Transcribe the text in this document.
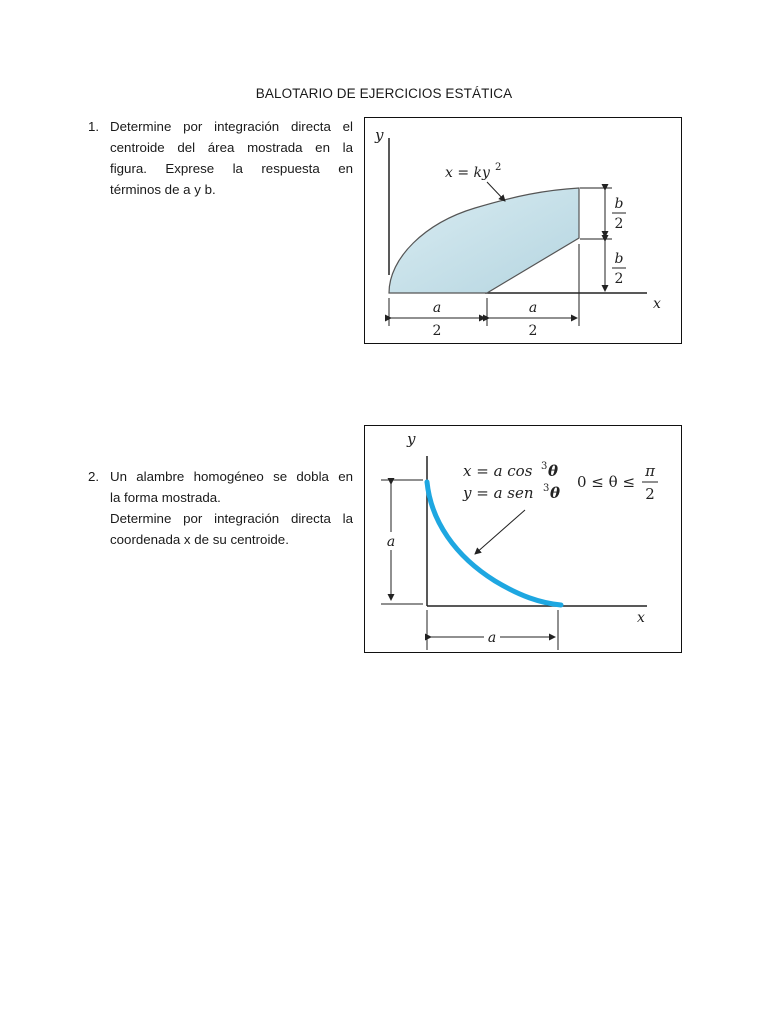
BALOTARIO DE EJERCICIOS ESTÁTICA
1. Determine por integración directa el
centroide del área mostrada en la
figura. Exprese la respuesta en
términos de a y b.
y
x
x = ky 2
b
2
b
2
a
2
a
2
2. Un alambre homogéneo se dobla en
la forma mostrada.
Determine por integración directa la
coordenada x de su centroide.
y
x
x = a cos 3 θ
y = a sen 3 θ
0 ≤ θ ≤
π
2
a
a
